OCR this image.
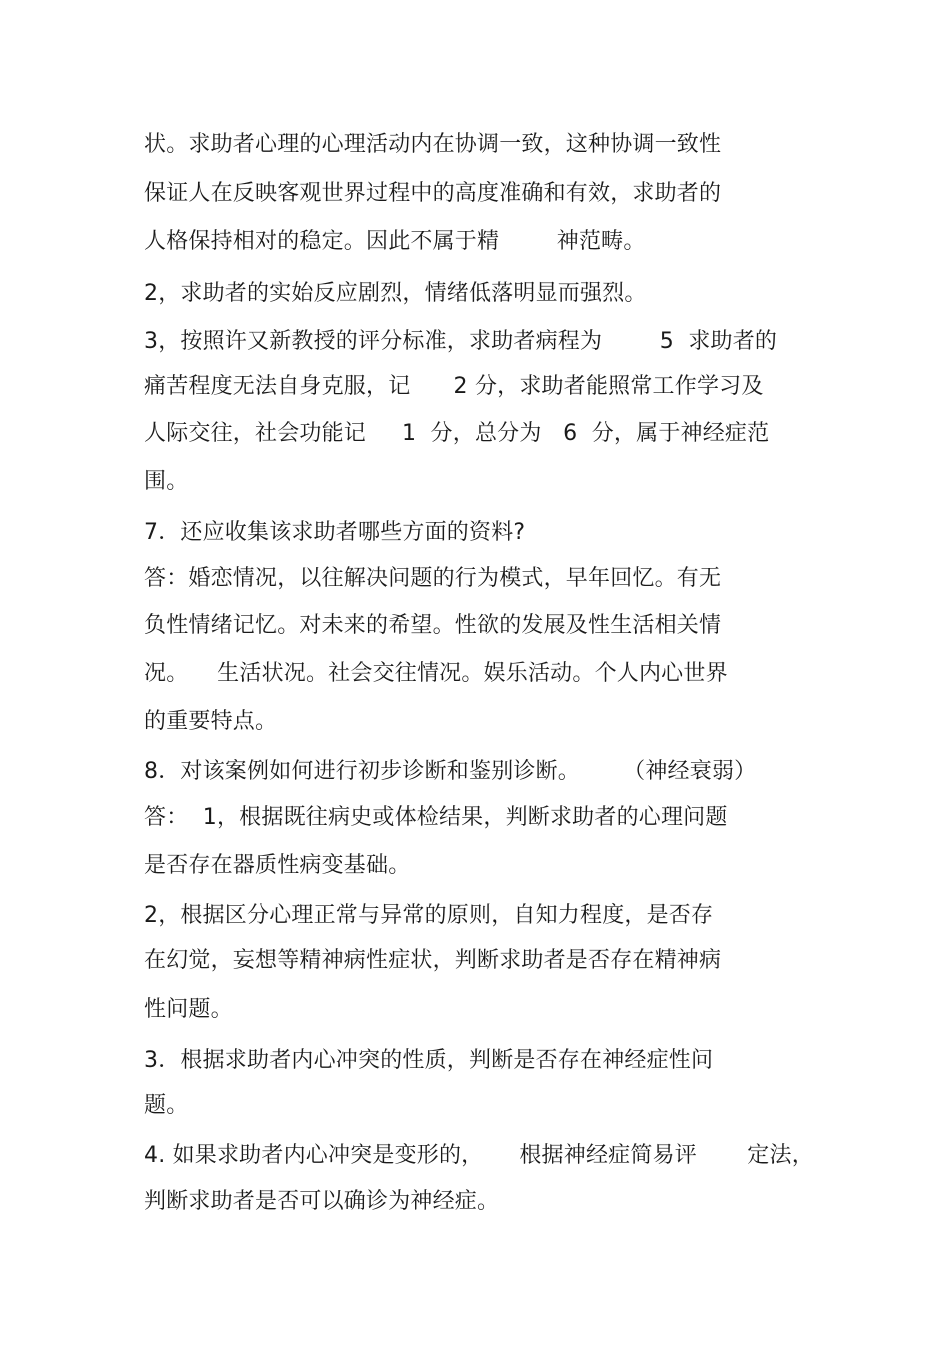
状。求助者心理的心理活动内在协调一致，这种协调一致性

保证人在反映客观世界过程中的高度准确和有效，求助者的

人格保持相对的稳定。因此不属于精        神范畴。

2，求助者的实始反应剧烈，情绪低落明显而强烈。

3，按照许又新教授的评分标准，求助者病程为        5  求助者的

痛苦程度无法自身克服，记      2 分，求助者能照常工作学习及

人际交往，社会功能记     1  分，总分为   6  分，属于神经症范

围。

7．还应收集该求助者哪些方面的资料?

答：婚恋情况，以往解决问题的行为模式，早年回忆。有无

负性情绪记忆。对未来的希望。性欲的发展及性生活相关情

况。    生活状况。社会交往情况。娱乐活动。个人内心世界

的重要特点。

8．对该案例如何进行初步诊断和鉴别诊断。      （神经衰弱）

答：  1，根据既往病史或体检结果，判断求助者的心理问题

是否存在器质性病变基础。

2，根据区分心理正常与异常的原则，自知力程度，是否存

在幻觉，妄想等精神病性症状，判断求助者是否存在精神病

性问题。

3．根据求助者内心冲突的性质，判断是否存在神经症性问

题。

4. 如果求助者内心冲突是变形的，     根据神经症简易评       定法，

判断求助者是否可以确诊为神经症。
